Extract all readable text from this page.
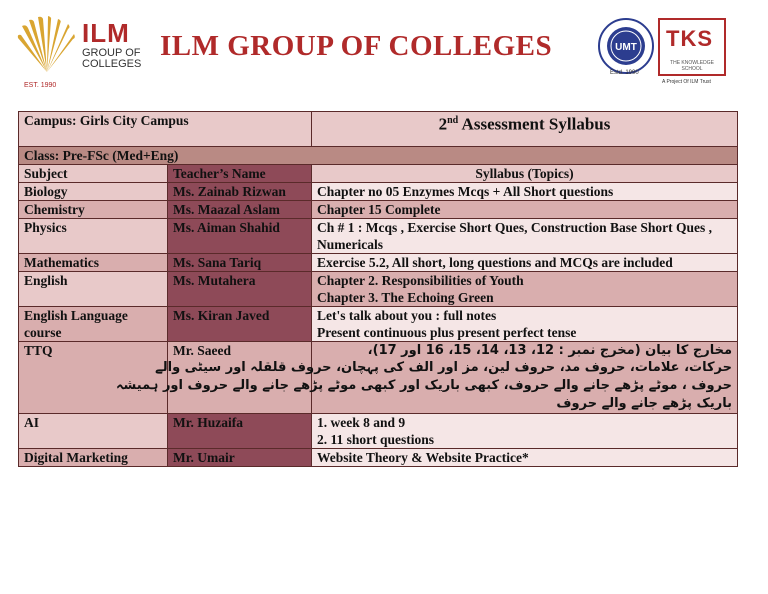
EST. 1990
ILM
GROUP OF
COLLEGES
ILM GROUP OF COLLEGES	UMT
Estd. 1990
TKS
THE KNOWLEDGE SCHOOL
A Project Of ILM Trust
Campus: Girls City Campus		2nd Assessment Syllabus
Class: Pre-FSc (Med+Eng)		
Subject	Teacher’s Name	Syllabus (Topics)
Biology	Ms. Zainab Rizwan	Chapter no 05 Enzymes Mcqs + All Short questions
Chemistry	Ms. Maazal Aslam	Chapter 15 Complete
Physics	Ms. Aiman Shahid	Ch # 1 : Mcqs , Exercise Short Ques, Construction Base Short Ques , Numericals
Mathematics	Ms. Sana Tariq	Exercise 5.2, All short, long questions and MCQs are included
English	Ms. Mutahera	Chapter 2. Responsibilities of Youth
Chapter 3. The Echoing Green

English Language course	Ms. Kiran Javed	Let's talk about you : full notes
Present continuous plus present perfect tense

TTQ	Mr. Saeed	مخارج کا بیان (مخرج نمبر : 12، 13، 14، 15، 16 اور 17)،
حرکات، علامات، حروف مد، حروف لین، مز اور الف کی پہچان، حروف قلقلہ اور سیٹی والے حروف ، موٹے پڑھے جانے والے حروف، کبھی باریک اور کبھی موٹے پڑھے جانے والے حروف اور ہمیشہ باریک پڑھے جانے والے حروف

AI	Mr. Huzaifa	1. week 8 and 9
2. 11 short questions

Digital Marketing	Mr. Umair	Website Theory & Website Practice*
